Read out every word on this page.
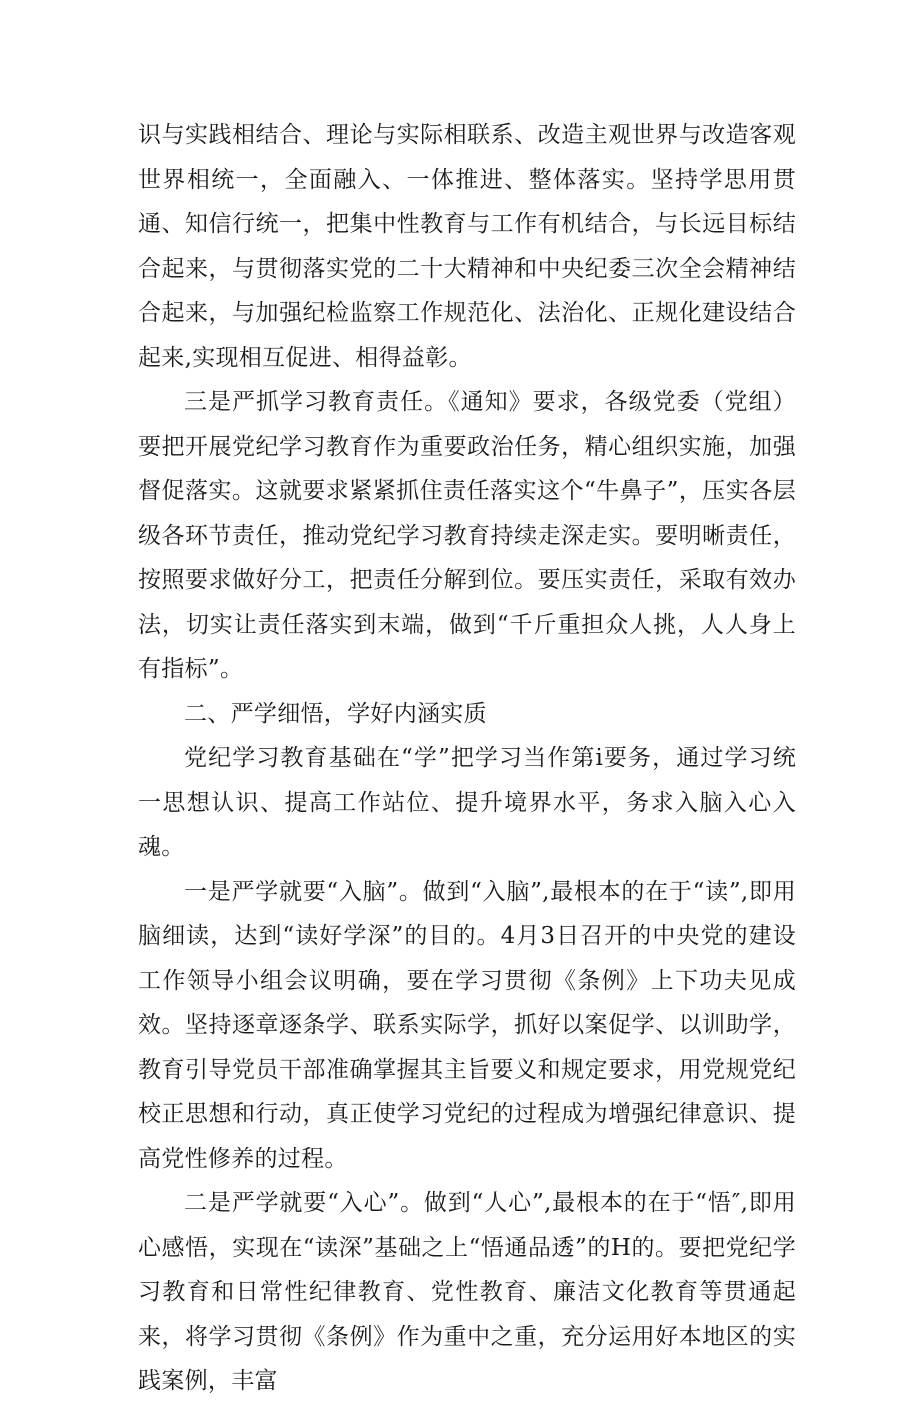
识与实践相结合、理论与实际相联系、改造主观世界与改造客观世界相统一，全面融入、一体推进、整体落实。坚持学思用贯通、知信行统一，把集中性教育与工作有机结合，与长远目标结合起来，与贯彻落实党的二十大精神和中央纪委三次全会精神结合起来，与加强纪检监察工作规范化、法治化、正规化建设结合起来,实现相互促进、相得益彰。

三是严抓学习教育责任。《通知》要求，各级党委（党组）要把开展党纪学习教育作为重要政治任务，精心组织实施，加强督促落实。这就要求紧紧抓住责任落实这个“牛鼻子”，压实各层级各环节责任，推动党纪学习教育持续走深走实。要明晰责任，按照要求做好分工，把责任分解到位。要压实责任，采取有效办法，切实让责任落实到末端，做到“千斤重担众人挑，人人身上有指标”。

二、严学细悟，学好内涵实质

党纪学习教育基础在“学”把学习当作第i要务，通过学习统一思想认识、提高工作站位、提升境界水平，务求入脑入心入魂。

一是严学就要“入脑”。做到“入脑”,最根本的在于“读”,即用脑细读，达到“读好学深”的目的。4月3日召开的中央党的建设工作领导小组会议明确，要在学习贯彻《条例》上下功夫见成效。坚持逐章逐条学、联系实际学，抓好以案促学、以训助学，教育引导党员干部准确掌握其主旨要义和规定要求，用党规党纪校正思想和行动，真正使学习党纪的过程成为增强纪律意识、提高党性修养的过程。

二是严学就要“入心”。做到“人心”,最根本的在于“悟″,即用心感悟，实现在“读深”基础之上“悟通品透”的H的。要把党纪学习教育和日常性纪律教育、党性教育、廉洁文化教育等贯通起来，将学习贯彻《条例》作为重中之重，充分运用好本地区的实践案例，丰富
